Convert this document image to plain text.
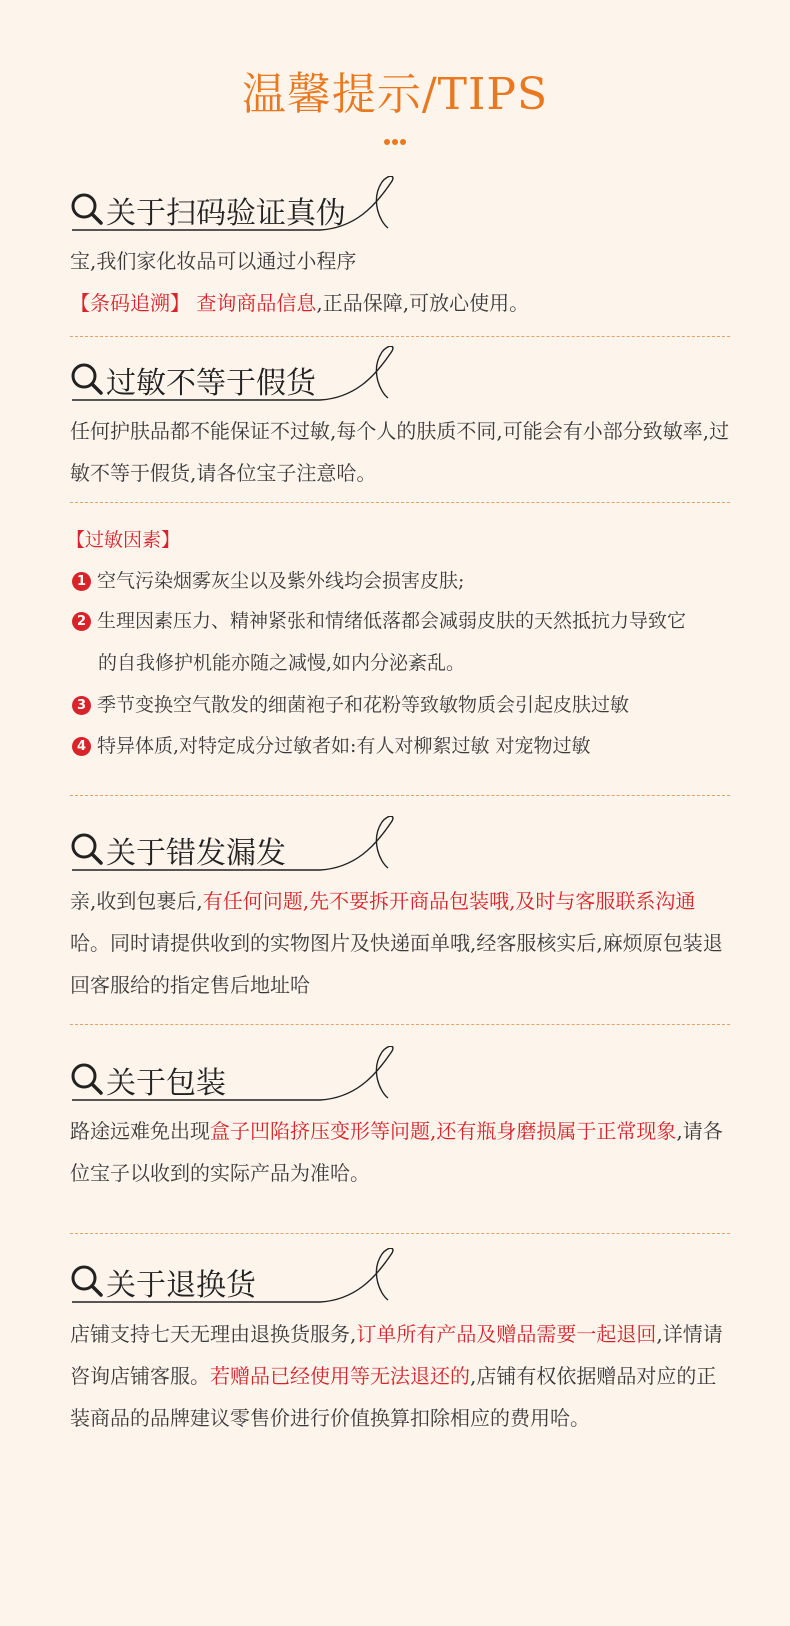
温馨提示/TIPS
关于扫码验证真伪
宝,我们家化妆品可以通过小程序
【条码追溯】 查询商品信息,正品保障,可放心使用。
过敏不等于假货
任何护肤品都不能保证不过敏,每个人的肤质不同,可能会有小部分致敏率,过敏不等于假货,请各位宝子注意哈。
【过敏因素】
1 空气污染烟雾灰尘以及紫外线均会损害皮肤;
2 生理因素压力、精神紧张和情绪低落都会减弱皮肤的天然抵抗力导致它
的自我修护机能亦随之减慢,如内分泌紊乱。
3 季节变换空气散发的细菌袍子和花粉等致敏物质会引起皮肤过敏
4 特异体质,对特定成分过敏者如:有人对柳絮过敏 对宠物过敏
关于错发漏发
亲,收到包裹后,有任何问题,先不要拆开商品包装哦,及时与客服联系沟通哈。同时请提供收到的实物图片及快递面单哦,经客服核实后,麻烦原包装退回客服给的指定售后地址哈
关于包装
路途远难免出现盒子凹陷挤压变形等问题,还有瓶身磨损属于正常现象,请各位宝子以收到的实际产品为准哈。
关于退换货
店铺支持七天无理由退换货服务,订单所有产品及赠品需要一起退回,详情请咨询店铺客服。若赠品已经使用等无法退还的,店铺有权依据赠品对应的正装商品的品牌建议零售价进行价值换算扣除相应的费用哈。
